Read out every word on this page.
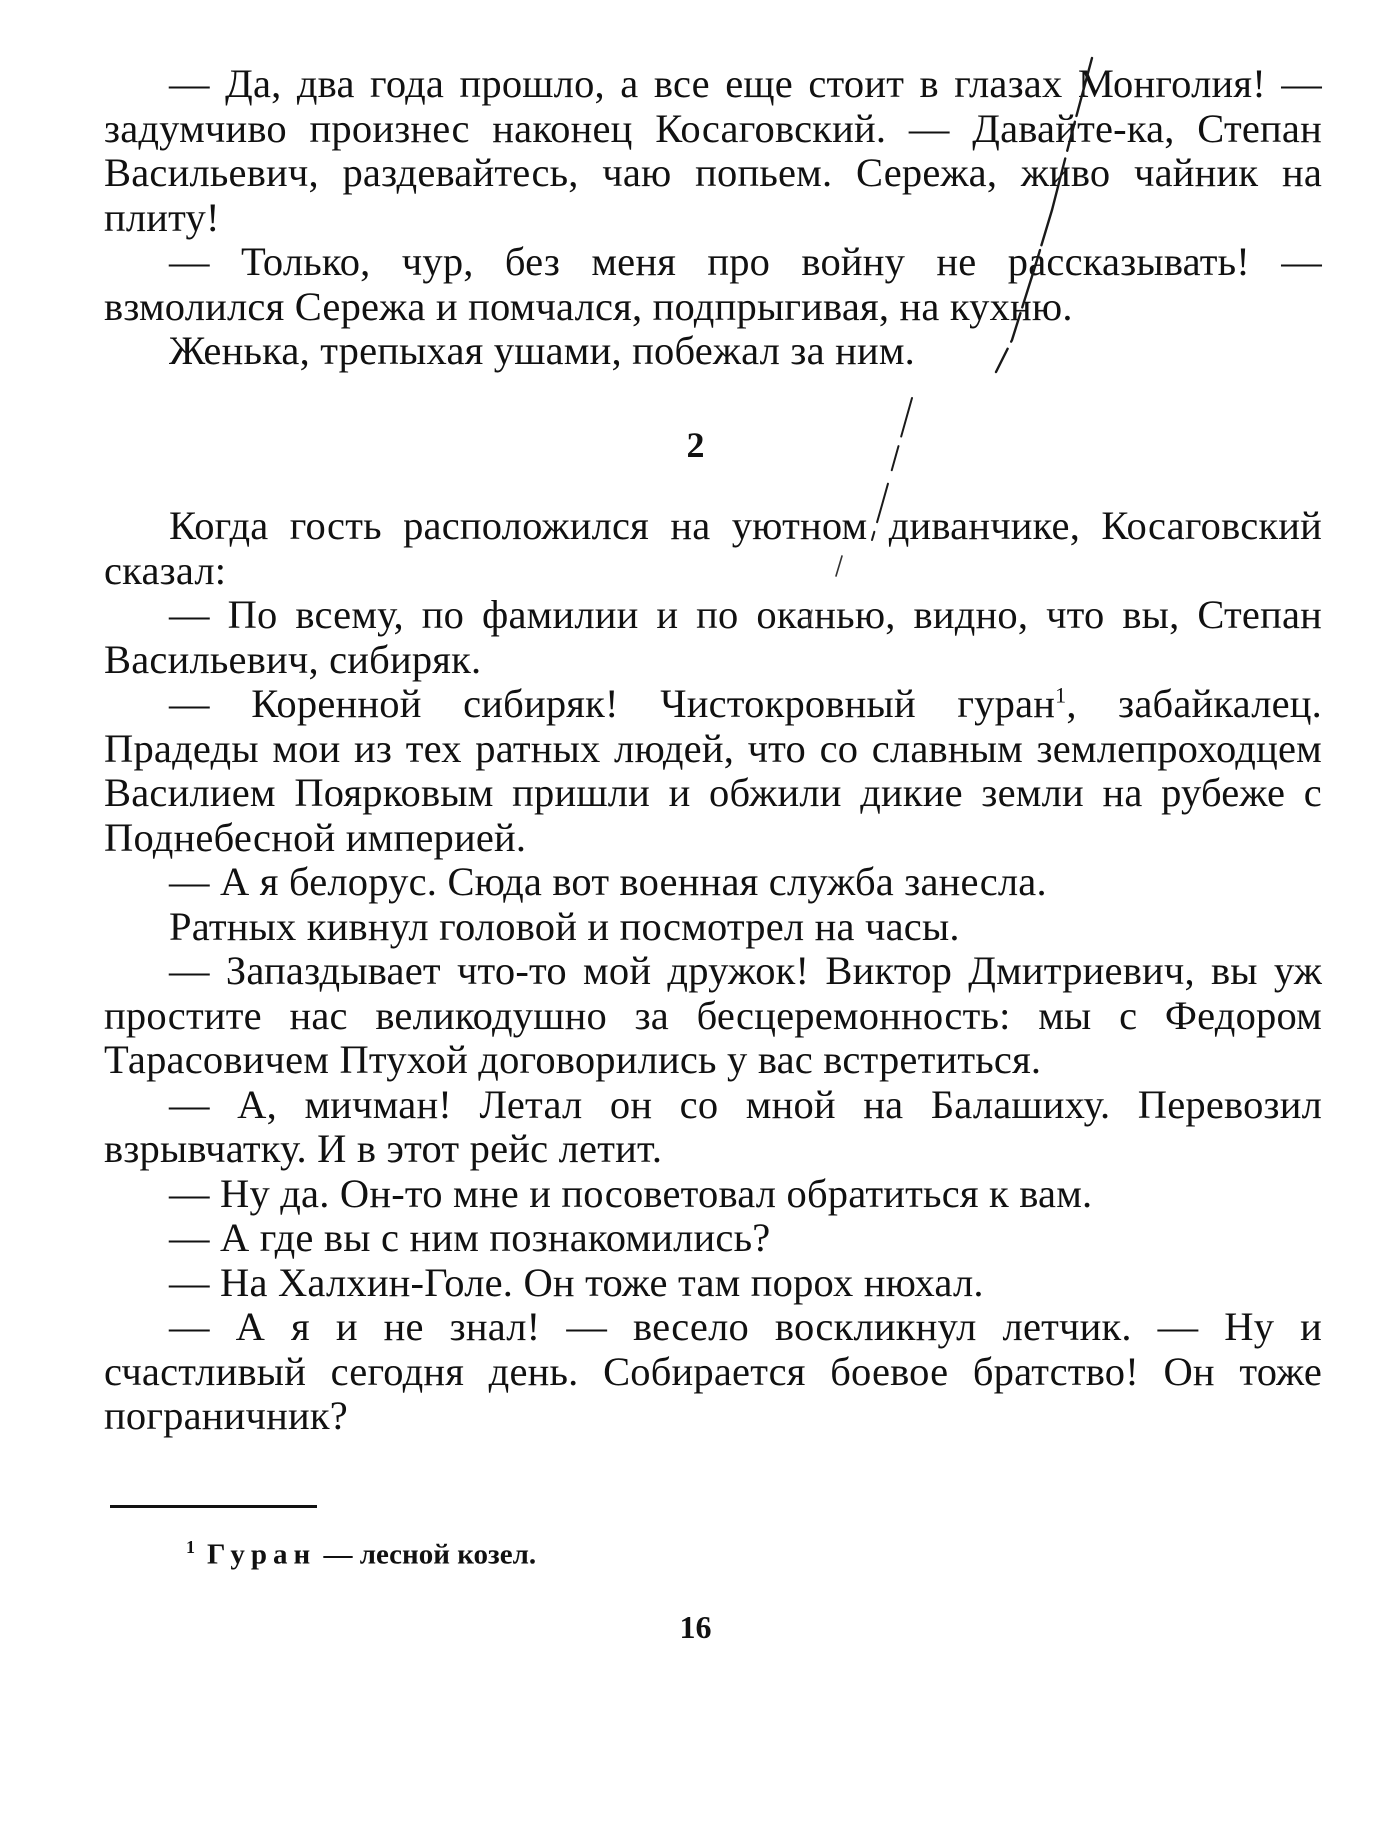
— Да, два года прошло, а все еще стоит в глазах Монголия! — задумчиво произнес наконец Косаговский. — Давайте-ка, Степан Васильевич, раздевайтесь, чаю попьем. Сережа, живо чайник на плиту!

— Только, чур, без меня про войну не рассказывать! — взмолился Сережа и помчался, подпрыгивая, на кухню.

Женька, трепыхая ушами, побежал за ним.

2

Когда гость расположился на уютном диванчике, Косаговский сказал:

— По всему, по фамилии и по оканью, видно, что вы, Степан Васильевич, сибиряк.

— Коренной сибиряк! Чистокровный гуран$^1$, забайкалец. Прадеды мои из тех ратных людей, что со славным землепроходцем Василием Поярковым пришли и обжили дикие земли на рубеже с Поднебесной империей.

— А я белорус. Сюда вот военная служба занесла.

Ратных кивнул головой и посмотрел на часы.

— Запаздывает что-то мой дружок! Виктор Дмитриевич, вы уж простите нас великодушно за бесцеремонность: мы с Федором Тарасовичем Птухой договорились у вас встретиться.

— А, мичман! Летал он со мной на Балашиху. Перевозил взрывчатку. И в этот рейс летит.

— Ну да. Он-то мне и посоветовал обратиться к вам.

— А где вы с ним познакомились?

— На Халхин-Голе. Он тоже там порох нюхал.

— А я и не знал! — весело воскликнул летчик. — Ну и счастливый сегодня день. Собирается боевое братство! Он тоже пограничник?

$^1$ Гуран — лесной козел.

16
